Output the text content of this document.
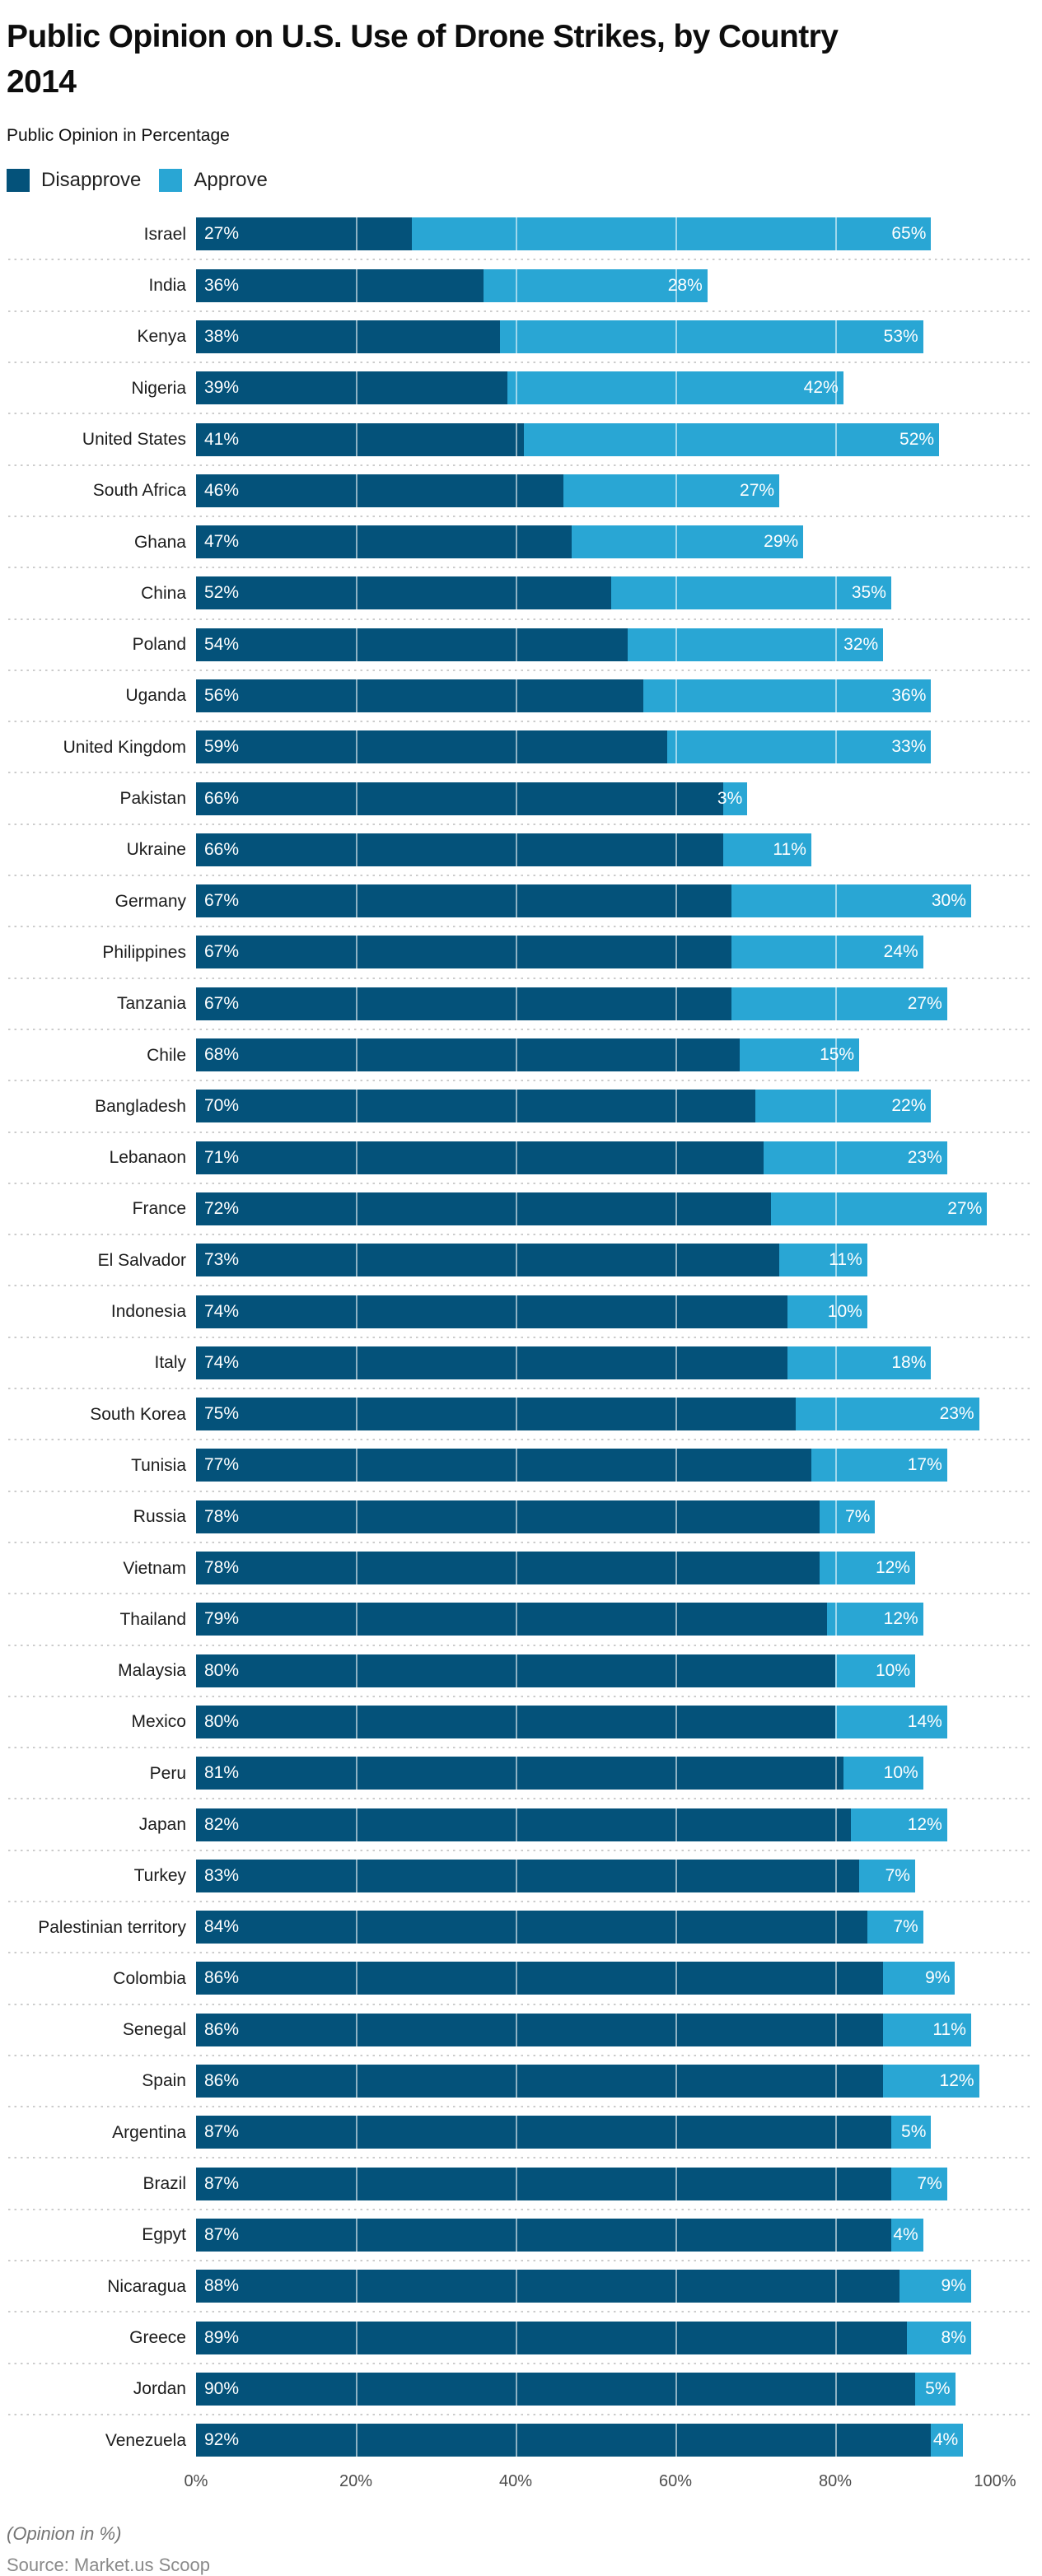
Public Opinion on U.S. Use of Drone Strikes, by Country
2014
Public Opinion in Percentage
Disapprove	Approve
Israel	27%	65%
India	36%	28%
Kenya	38%	53%
Nigeria	39%	42%
United States	41%	52%
South Africa	46%	27%
Ghana	47%	29%
China	52%	35%
Poland	54%	32%
Uganda	56%	36%
United Kingdom	59%	33%
Pakistan	66%	3%
Ukraine	66%	11%
Germany	67%	30%
Philippines	67%	24%
Tanzania	67%	27%
Chile	68%	15%
Bangladesh	70%	22%
Lebanaon	71%	23%
France	72%	27%
El Salvador	73%	11%
Indonesia	74%	10%
Italy	74%	18%
South Korea	75%	23%
Tunisia	77%	17%
Russia	78%	7%
Vietnam	78%	12%
Thailand	79%	12%
Malaysia	80%	10%
Mexico	80%	14%
Peru	81%	10%
Japan	82%	12%
Turkey	83%	7%
Palestinian territory	84%	7%
Colombia	86%	9%
Senegal	86%	11%
Spain	86%	12%
Argentina	87%	5%
Brazil	87%	7%
Egpyt	87%	4%
Nicaragua	88%	9%
Greece	89%	8%
Jordan	90%	5%
Venezuela	92%	4%
0%	20%	40%	60%	80%	100%
(Opinion in %)
Source: Market.us Scoop
